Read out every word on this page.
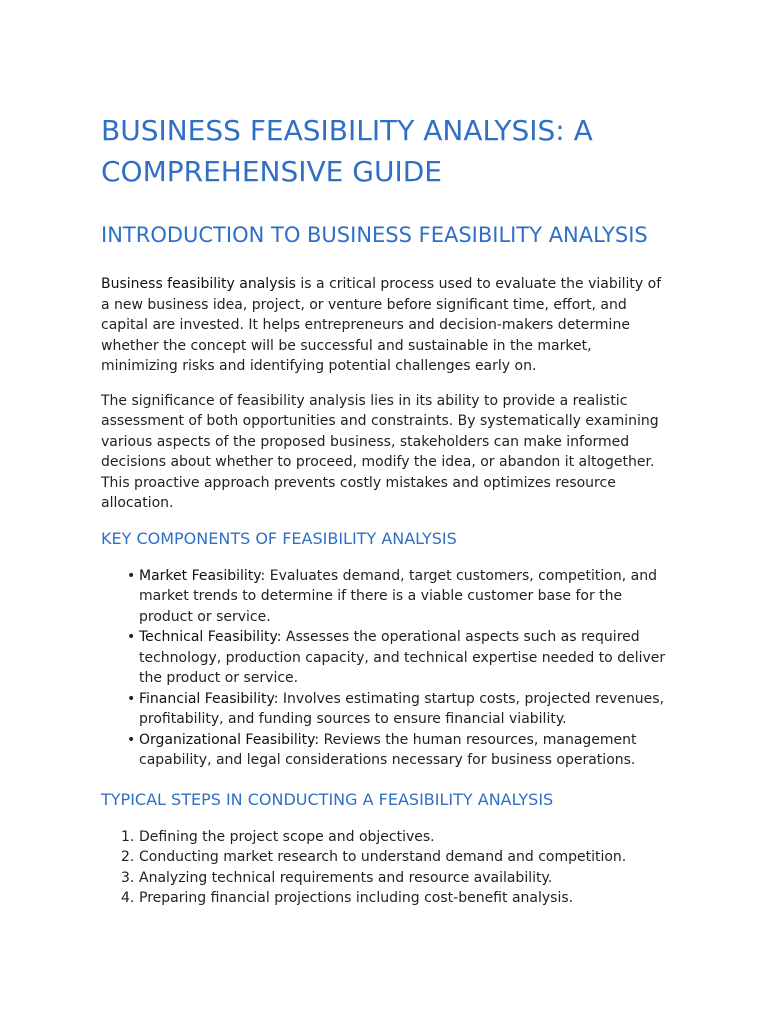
BUSINESS FEASIBILITY ANALYSIS: A COMPREHENSIVE GUIDE
INTRODUCTION TO BUSINESS FEASIBILITY ANALYSIS

Business feasibility analysis is a critical process used to evaluate the viability of a new business idea, project, or venture before significant time, effort, and capital are invested. It helps entrepreneurs and decision-makers determine whether the concept will be successful and sustainable in the market, minimizing risks and identifying potential challenges early on.

The significance of feasibility analysis lies in its ability to provide a realistic assessment of both opportunities and constraints. By systematically examining various aspects of the proposed business, stakeholders can make informed decisions about whether to proceed, modify the idea, or abandon it altogether. This proactive approach prevents costly mistakes and optimizes resource allocation.

KEY COMPONENTS OF FEASIBILITY ANALYSIS
• Market Feasibility: Evaluates demand, target customers, competition, and market trends to determine if there is a viable customer base for the product or service.
• Technical Feasibility: Assesses the operational aspects such as required technology, production capacity, and technical expertise needed to deliver the product or service.
• Financial Feasibility: Involves estimating startup costs, projected revenues, profitability, and funding sources to ensure financial viability.
• Organizational Feasibility: Reviews the human resources, management capability, and legal considerations necessary for business operations.
TYPICAL STEPS IN CONDUCTING A FEASIBILITY ANALYSIS
1. Defining the project scope and objectives.
2. Conducting market research to understand demand and competition.
3. Analyzing technical requirements and resource availability.
4. Preparing financial projections including cost-benefit analysis.
